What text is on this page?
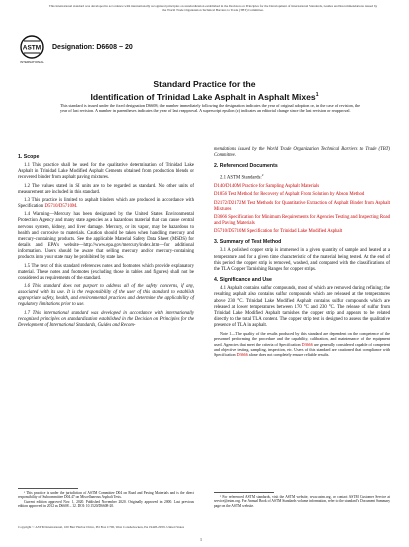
This international standard was developed in accordance with internationally recognized principles on standardization established in the Decision on Principles for the Development of International Standards, Guides and Recommendations issued by the World Trade Organization Technical Barriers to Trade (TBT) Committee.
ASTM
INTERNATIONAL
Designation: D6608 − 20
Standard Practice for the
Identification of Trinidad Lake Asphalt in Asphalt Mixes$^1$
This standard is issued under the fixed designation D6608; the number immediately following the designation indicates the year of original adoption or, in the case of revision, the year of last revision. A number in parentheses indicates the year of last reapproval. A superscript epsilon (ε) indicates an editorial change since the last revision or reapproval.
1. Scope

1.1 This practice shall be used for the qualitative determination of Trinidad Lake Asphalt in Trinidad Lake Modified Asphalt Cements obtained from production blends or recovered binder from asphalt paving mixtures.

1.2 The values stated in SI units are to be regarded as standard. No other units of measurement are included in this standard.

1.3 This practice is limited to asphalt binders which are produced in accordance with Specification D5710/D5710M.

1.4 Warning—Mercury has been designated by the United States Environmental Protection Agency and many state agencies as a hazardous material that can cause central nervous system, kidney, and liver damage. Mercury, or its vapor, may be hazardous to health and corrosive to materials. Caution should be taken when handling mercury and mercury-containing products. See the applicable Material Safety Data Sheet (MSDS) for details and EPA’s website—http://www.epa.gov/mercury/index.htm—for additional information. Users should be aware that selling mercury and/or mercury-containing products into your state may be prohibited by state law.

1.5 The text of this standard references notes and footnotes which provide explanatory material. These notes and footnotes (excluding those in tables and figures) shall not be considered as requirements of the standard.

1.6 This standard does not purport to address all of the safety concerns, if any, associated with its use. It is the responsibility of the user of this standard to establish appropriate safety, health, and environmental practices and determine the applicability of regulatory limitations prior to use.

1.7 This international standard was developed in accordance with internationally recognized principles on standardization established in the Decision on Principles for the Development of International Standards, Guides and Recom-

¹ This practice is under the jurisdiction of ASTM Committee D04 on Road and Paving Materials and is the direct responsibility of Subcommittee D04.47 on Miscellaneous Asphalt Tests.
Current edition approved Nov. 1, 2020. Published November 2020. Originally approved in 2000. Last previous edition approved in 2012 as D6608 – 12. DOI: 10.1520/D6608-20.

mendations issued by the World Trade Organization Technical Barriers to Trade (TBT) Committee.

2. Referenced Documents

2.1 ASTM Standards:$^2$

D140/D140M Practice for Sampling Asphalt Materials

D1856 Test Method for Recovery of Asphalt From Solution by Abson Method

D2172/D2172M Test Methods for Quantitative Extraction of Asphalt Binder from Asphalt Mixtures

D3666 Specification for Minimum Requirements for Agencies Testing and Inspecting Road and Paving Materials

D5710/D5710M Specification for Trinidad Lake Modified Asphalt

3. Summary of Test Method

3.1 A polished copper strip is immersed in a given quantity of sample and heated at a temperature and for a given time characteristic of the material being tested. At the end of this period the copper strip is removed, washed, and compared with the classifications of the TLA Copper Tarnishing Ranges for copper strips.

4. Significance and Use

4.1 Asphalt contains sulfur compounds, most of which are removed during refining; the resulting asphalt also contains sulfur compounds which are released at the temperatures above 230 °C. Trinidad Lake Modified Asphalt contains sulfur compounds which are released at lower temperatures between 170 °C and 230 °C. The release of sulfur from Trinidad Lake Modified Asphalt tarnishes the copper strip and appears to be related directly to the total TLA content. The copper strip test is designed to assess the qualitative presence of TLA in asphalt.

Note 1—The quality of the results produced by this standard are dependent on the competence of the personnel performing the procedure and the capability, calibration, and maintenance of the equipment used. Agencies that meet the criteria of Specification D3666 are generally considered capable of competent and objective testing, sampling, inspection, etc. Users of this standard are cautioned that compliance with Specification D3666 alone does not completely ensure reliable results.

² For referenced ASTM standards, visit the ASTM website, www.astm.org, or contact ASTM Customer Service at service@astm.org. For Annual Book of ASTM Standards volume information, refer to the standard’s Document Summary page on the ASTM website.
Copyright © ASTM International, 100 Barr Harbor Drive, PO Box C700, West Conshohocken, PA 19428-2959. United States
1
